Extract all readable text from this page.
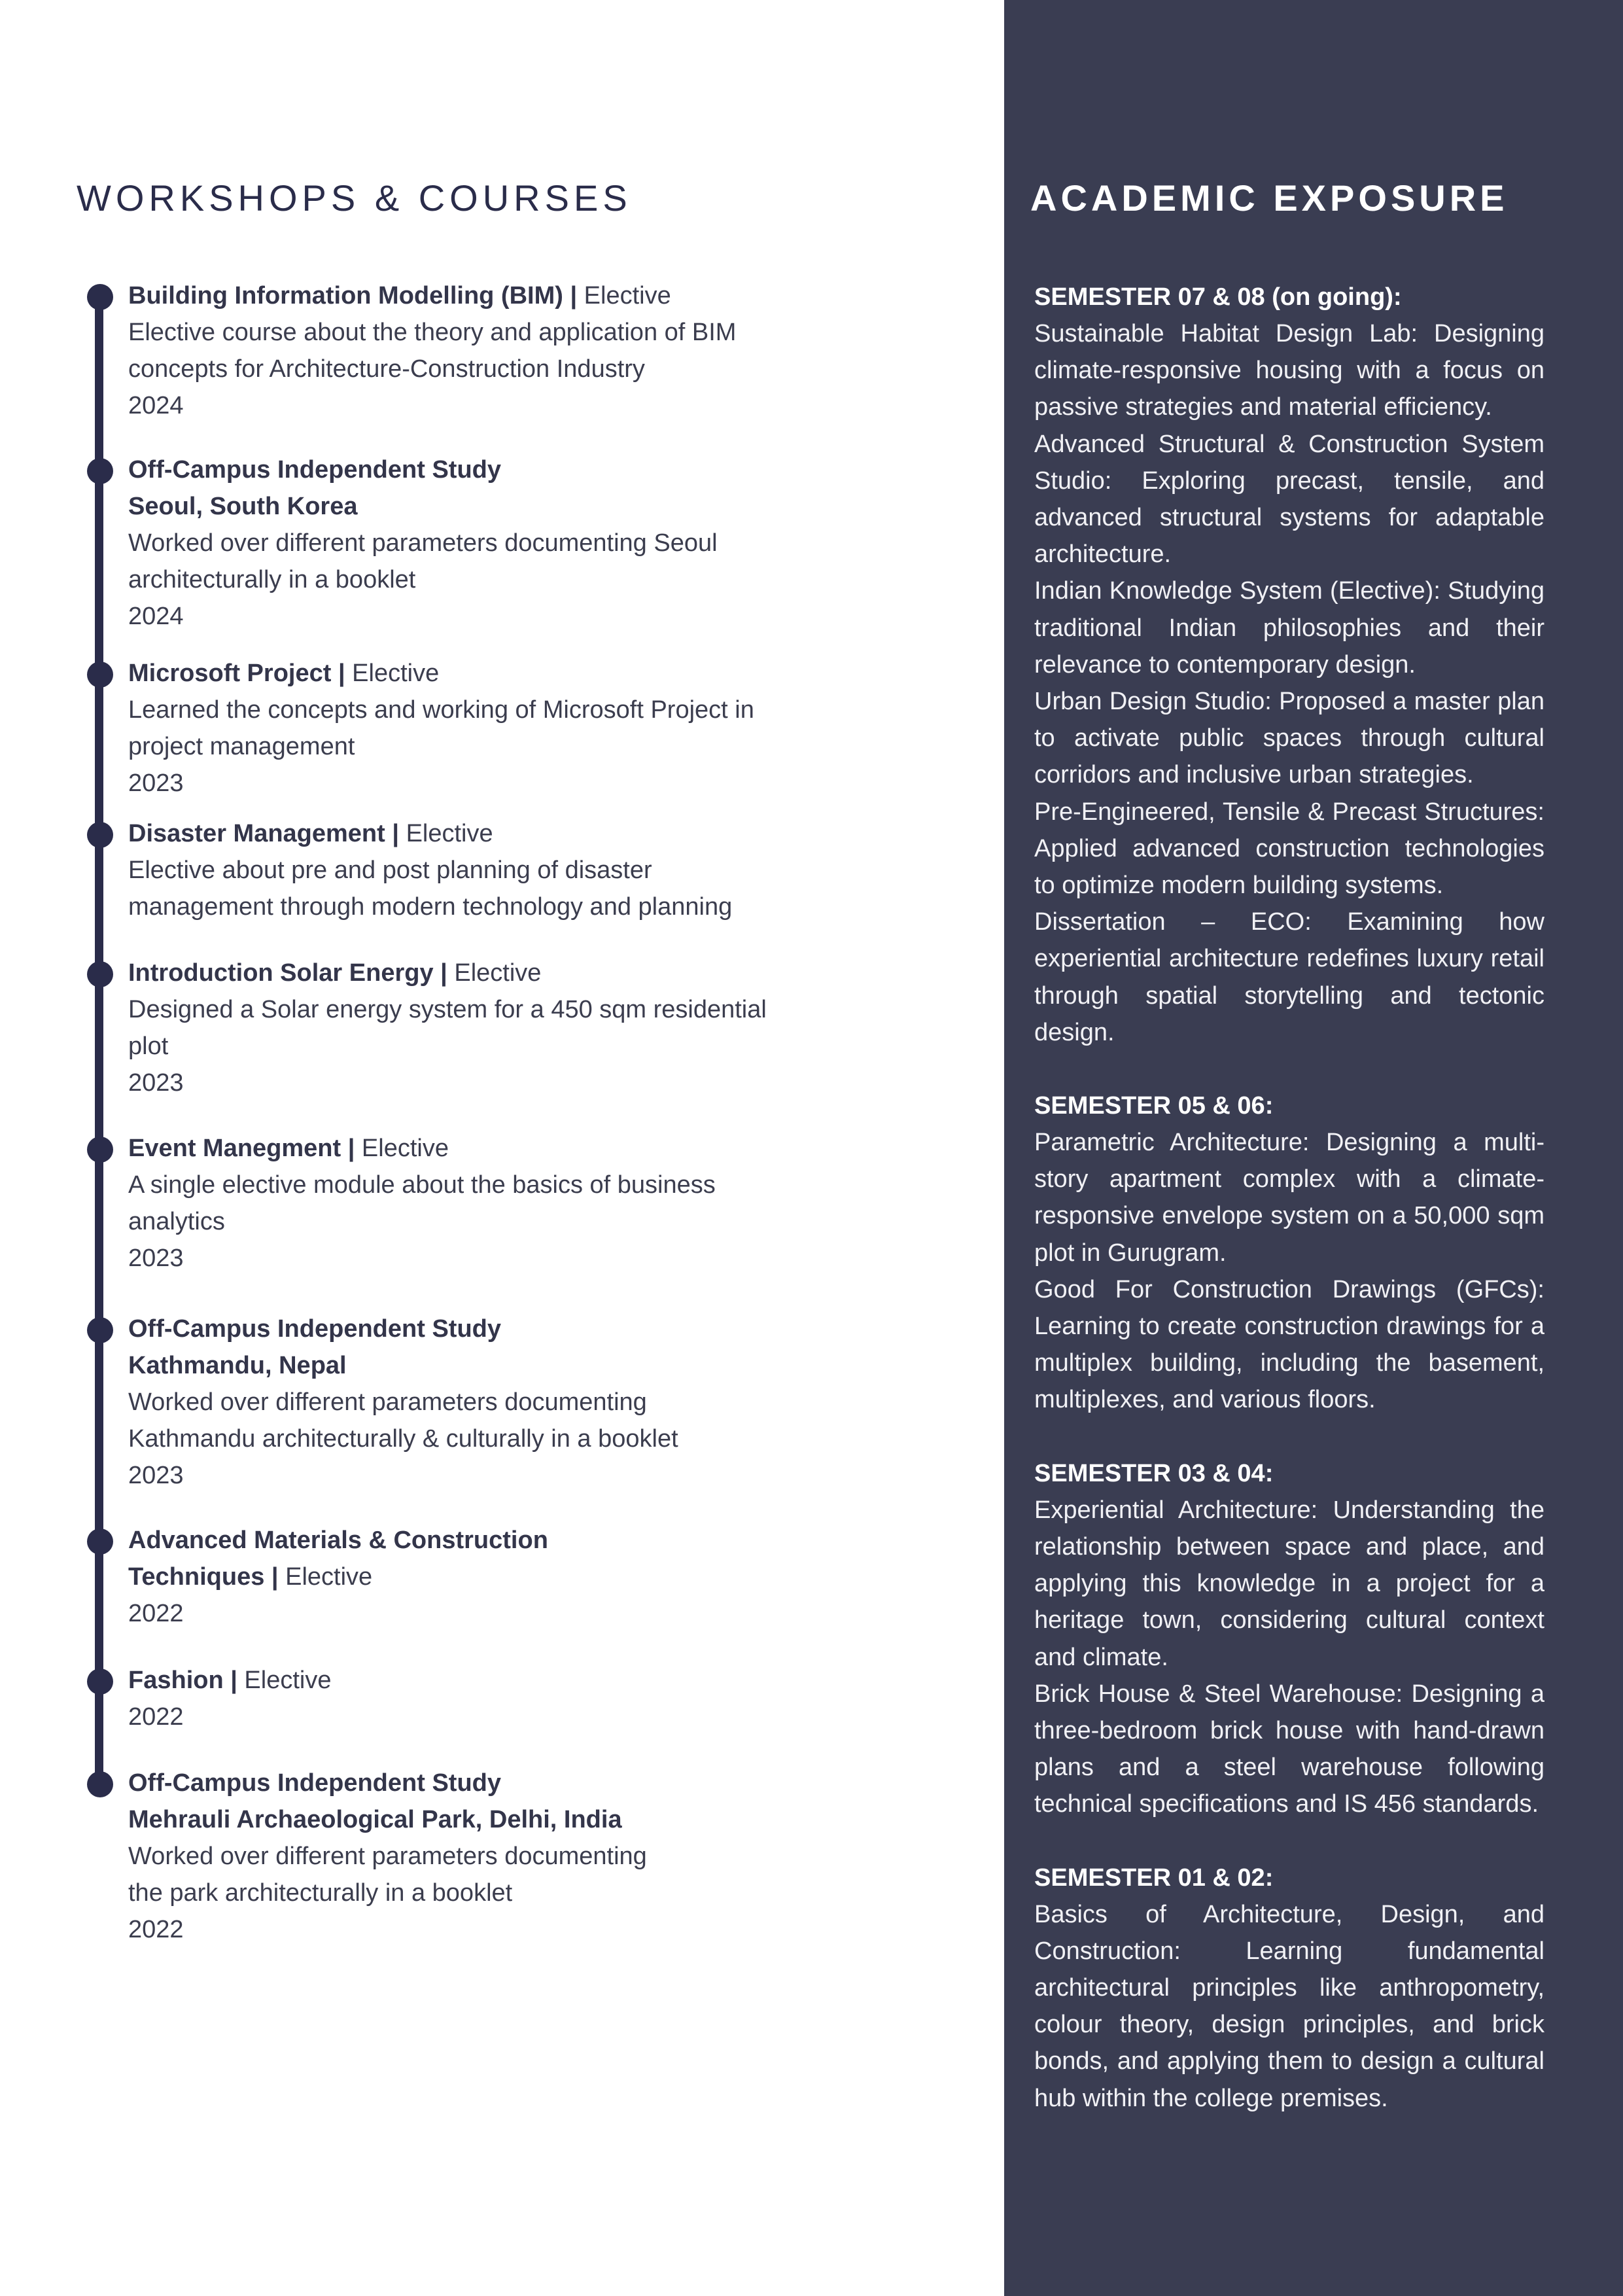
WORKSHOPS & COURSES
Building Information Modelling (BIM) | Elective
Elective course about the theory and application of BIM
concepts for Architecture-Construction Industry
2024
Off-Campus Independent Study
Seoul, South Korea
Worked over different parameters documenting Seoul
architecturally in a booklet
2024
Microsoft Project | Elective
Learned the concepts and working of Microsoft Project in
project management
2023
Disaster Management | Elective
Elective about pre and post planning of disaster
management through modern technology and planning
Introduction Solar Energy | Elective
Designed a Solar energy system for a 450 sqm residential
plot
2023
Event Manegment | Elective
A single elective module about the basics of business
analytics
2023
Off-Campus Independent Study
Kathmandu, Nepal
Worked over different parameters documenting
Kathmandu architecturally & culturally in a booklet
2023
Advanced Materials & Construction
Techniques | Elective
2022
Fashion | Elective
2022
Off-Campus Independent Study
Mehrauli Archaeological Park, Delhi, India
Worked over different parameters documenting
the park architecturally in a booklet
2022
ACADEMIC EXPOSURE

SEMESTER 07 & 08 (on going):

Sustainable Habitat Design Lab: Designing climate-responsive housing with a focus on passive strategies and material efficiency.

Advanced Structural & Construction System Studio: Exploring precast, tensile, and advanced structural systems for adaptable architecture.

Indian Knowledge System (Elective): Studying traditional Indian philosophies and their relevance to contemporary design.

Urban Design Studio: Proposed a master plan to activate public spaces through cultural corridors and inclusive urban strategies.

Pre-Engineered, Tensile & Precast Structures: Applied advanced construction technologies to optimize modern building systems.

Dissertation – ECO: Examining how experiential architecture redefines luxury retail through spatial storytelling and tectonic design.

SEMESTER 05 & 06:

Parametric Architecture: Designing a multi-story apartment complex with a climate-responsive envelope system on a 50,000 sqm plot in Gurugram.

Good For Construction Drawings (GFCs): Learning to create construction drawings for a multiplex building, including the basement, multiplexes, and various floors.

SEMESTER 03 & 04:

Experiential Architecture: Understanding the relationship between space and place, and applying this knowledge in a project for a heritage town, considering cultural context and climate.

Brick House & Steel Warehouse: Designing a three-bedroom brick house with hand-drawn plans and a steel warehouse following technical specifications and IS 456 standards.

SEMESTER 01 & 02:

Basics of Architecture, Design, and Construction: Learning fundamental architectural principles like anthropometry, colour theory, design principles, and brick bonds, and applying them to design a cultural hub within the college premises.
